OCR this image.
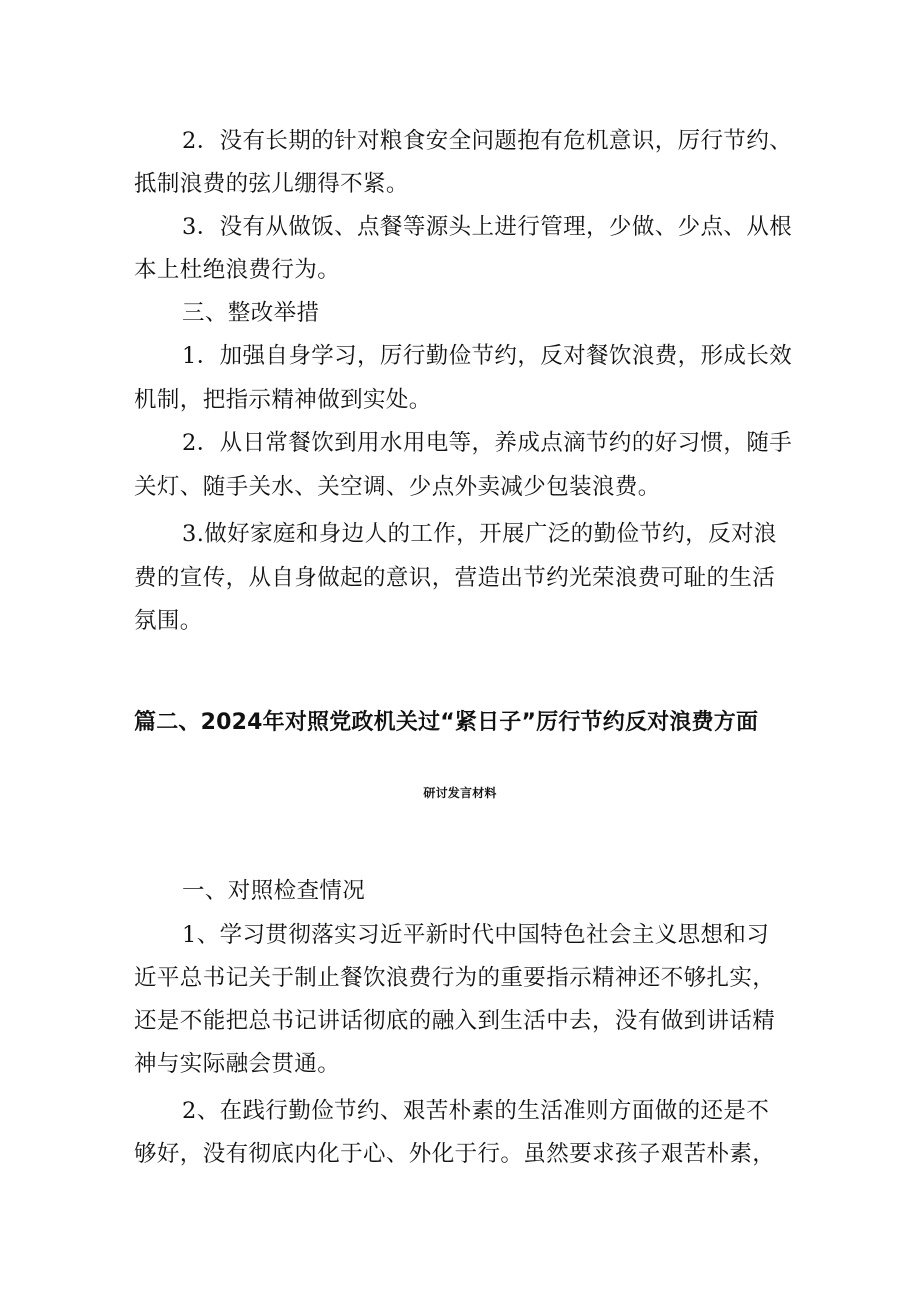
2．没有长期的针对粮食安全问题抱有危机意识，厉行节约、
抵制浪费的弦儿绷得不紧。
3．没有从做饭、点餐等源头上进行管理，少做、少点、从根
本上杜绝浪费行为。
三、整改举措
1．加强自身学习，厉行勤俭节约，反对餐饮浪费，形成长效
机制，把指示精神做到实处。
2．从日常餐饮到用水用电等，养成点滴节约的好习惯，随手
关灯、随手关水、关空调、少点外卖减少包装浪费。
3.做好家庭和身边人的工作，开展广泛的勤俭节约，反对浪
费的宣传，从自身做起的意识，营造出节约光荣浪费可耻的生活
氛围。
篇二、2024年对照党政机关过“紧日子”厉行节约反对浪费方面
研讨发言材料
一、对照检查情况
1、学习贯彻落实习近平新时代中国特色社会主义思想和习
近平总书记关于制止餐饮浪费行为的重要指示精神还不够扎实，
还是不能把总书记讲话彻底的融入到生活中去，没有做到讲话精
神与实际融会贯通。
2、在践行勤俭节约、艰苦朴素的生活准则方面做的还是不
够好，没有彻底内化于心、外化于行。虽然要求孩子艰苦朴素，
